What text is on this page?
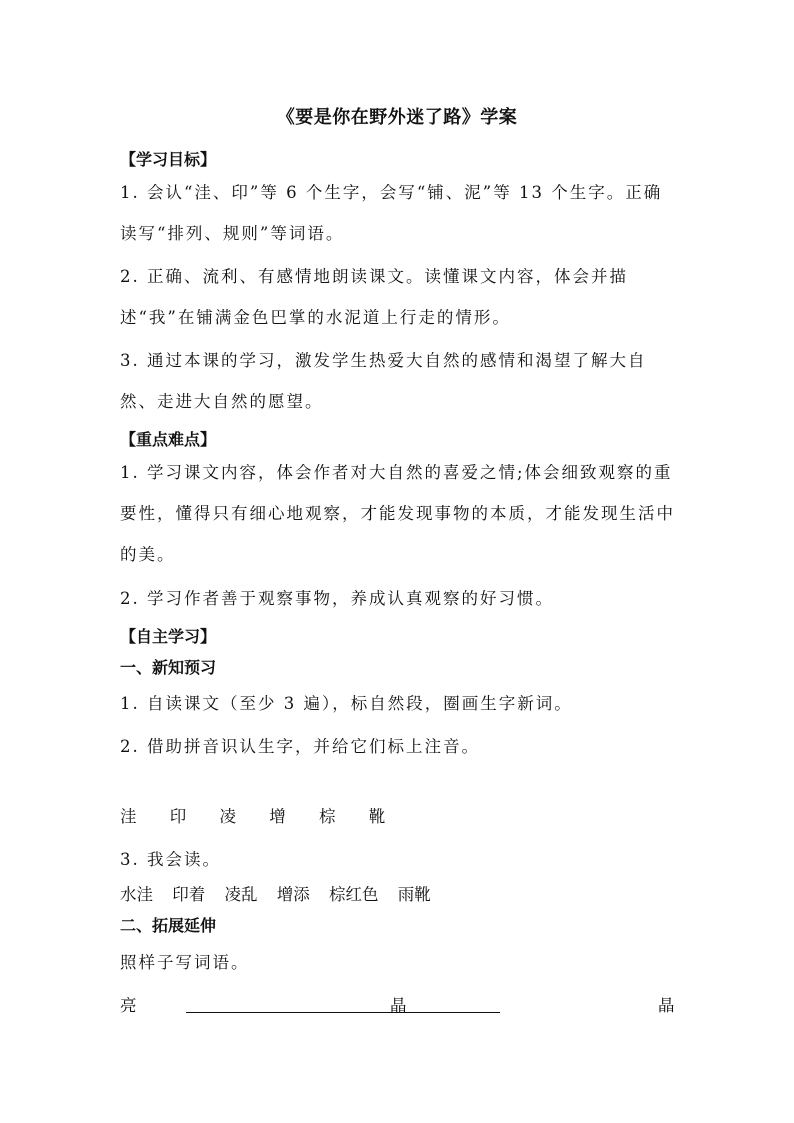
《要是你在野外迷了路》学案
【学习目标】
1. 会认“洼、印”等 6 个生字，会写“铺、泥”等 13 个生字。正确读写“排列、规则”等词语。
2. 正确、流利、有感情地朗读课文。读懂课文内容，体会并描述“我”在铺满金色巴掌的水泥道上行走的情形。
3. 通过本课的学习，激发学生热爱大自然的感情和渴望了解大自然、走进大自然的愿望。
【重点难点】
1. 学习课文内容，体会作者对大自然的喜爱之情;体会细致观察的重要性，懂得只有细心地观察，才能发现事物的本质，才能发现生活中的美。
2. 学习作者善于观察事物，养成认真观察的好习惯。
【自主学习】
一、新知预习
1. 自读课文（至少 3 遍），标自然段，圈画生字新词。
2. 借助拼音识认生字，并给它们标上注音。
洼 印 凌 增 棕 靴
3. 我会读。
水洼 印着 凌乱 增添 棕红色 雨靴
二、拓展延伸
照样子写词语。
亮	晶	晶
